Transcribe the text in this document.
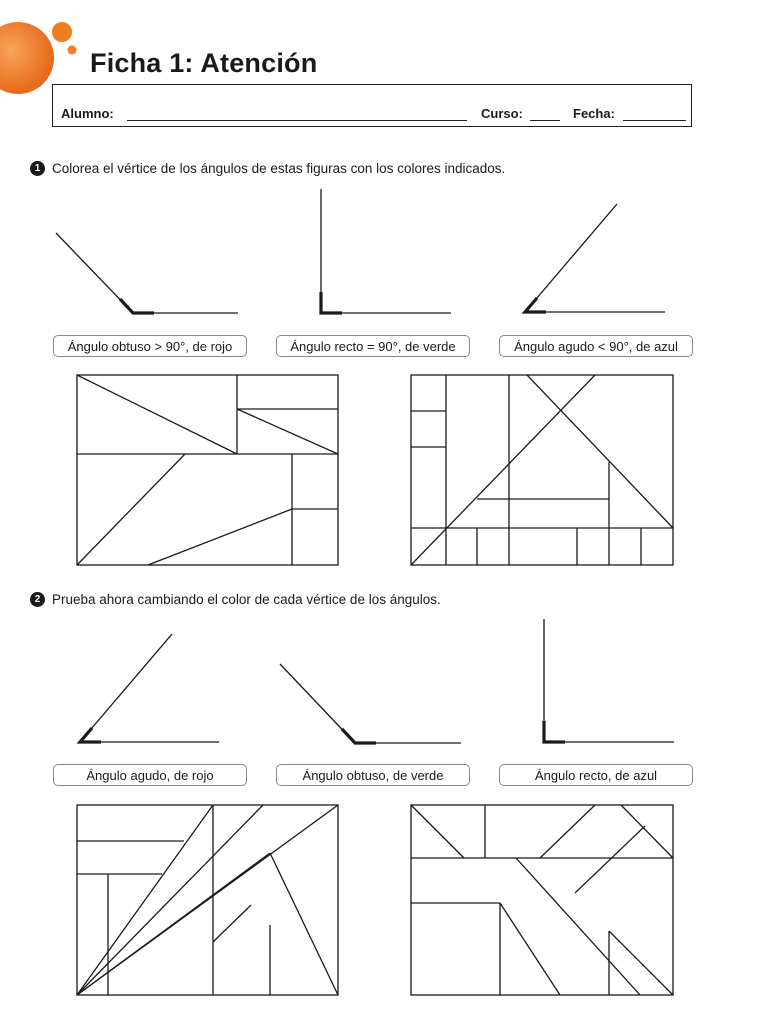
Ficha 1: Atención
Alumno:	Curso:	Fecha:
1 Colorea el vértice de los ángulos de estas figuras con los colores indicados.
Ángulo obtuso > 90°, de rojo	Ángulo recto = 90°, de verde	Ángulo agudo < 90°, de azul
2 Prueba ahora cambiando el color de cada vértice de los ángulos.
Ángulo agudo, de rojo	Ángulo obtuso, de verde	Ángulo recto, de azul
